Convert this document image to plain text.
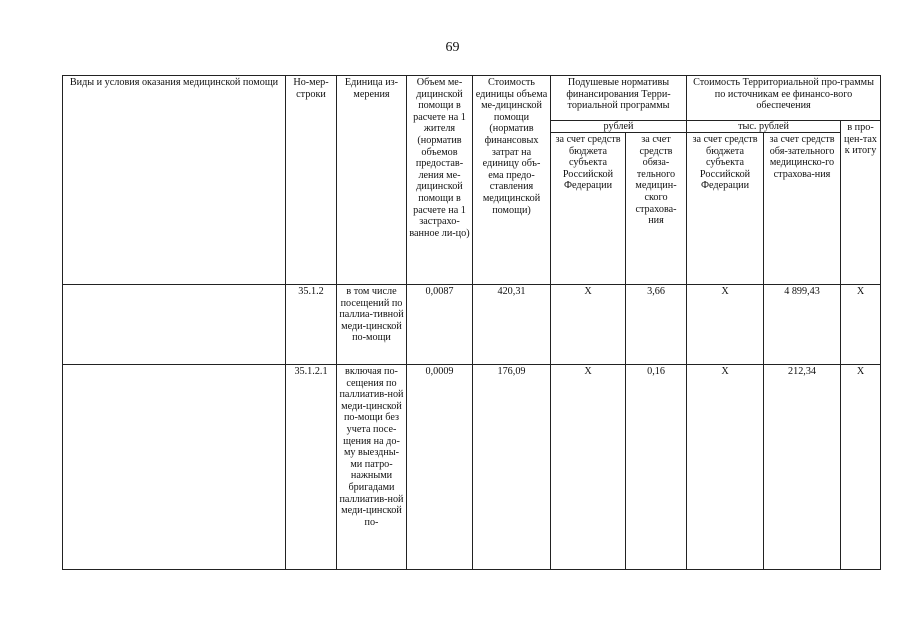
69
Виды и условия оказания медицинской помощи	Но-мер-строки	Единица из-мерения	Объем ме-дицинской помощи в расчете на 1 жителя (норматив объемов предостав-ления ме-дицинской помощи в расчете на 1 застрахо-ванное ли-цо)	Стоимость единицы объема ме-дицинской помощи (норматив финансовых затрат на единицу объ-ема предо-ставления медицинской помощи)	Подушевые нормативы финансирования Терри-ториальной программы		Стоимость Территориальной про-граммы по источникам ее финансо-вого обеспечения		
					рублей		тыс. рублей		в про-цен-тах к итогу
					за счет средств бюджета субъекта Российской Федерации	за счет средств обяза-тельного медицин-ского страхова-ния	за счет средств бюджета субъекта Российской Федерации	за счет средств обя-зательного медицинско-го страхова-ния	
	35.1.2	в том числе посещений по паллиа-тивной меди-цинской по-мощи	0,0087	420,31	Х	3,66	Х	4 899,43	Х
	35.1.2.1	включая по-сещения по паллиатив-ной меди-цинской по-мощи без учета посе-щения на до-му выездны-ми патро-нажными бригадами паллиатив-ной меди-цинской по-	0,0009	176,09	Х	0,16	Х	212,34	Х
